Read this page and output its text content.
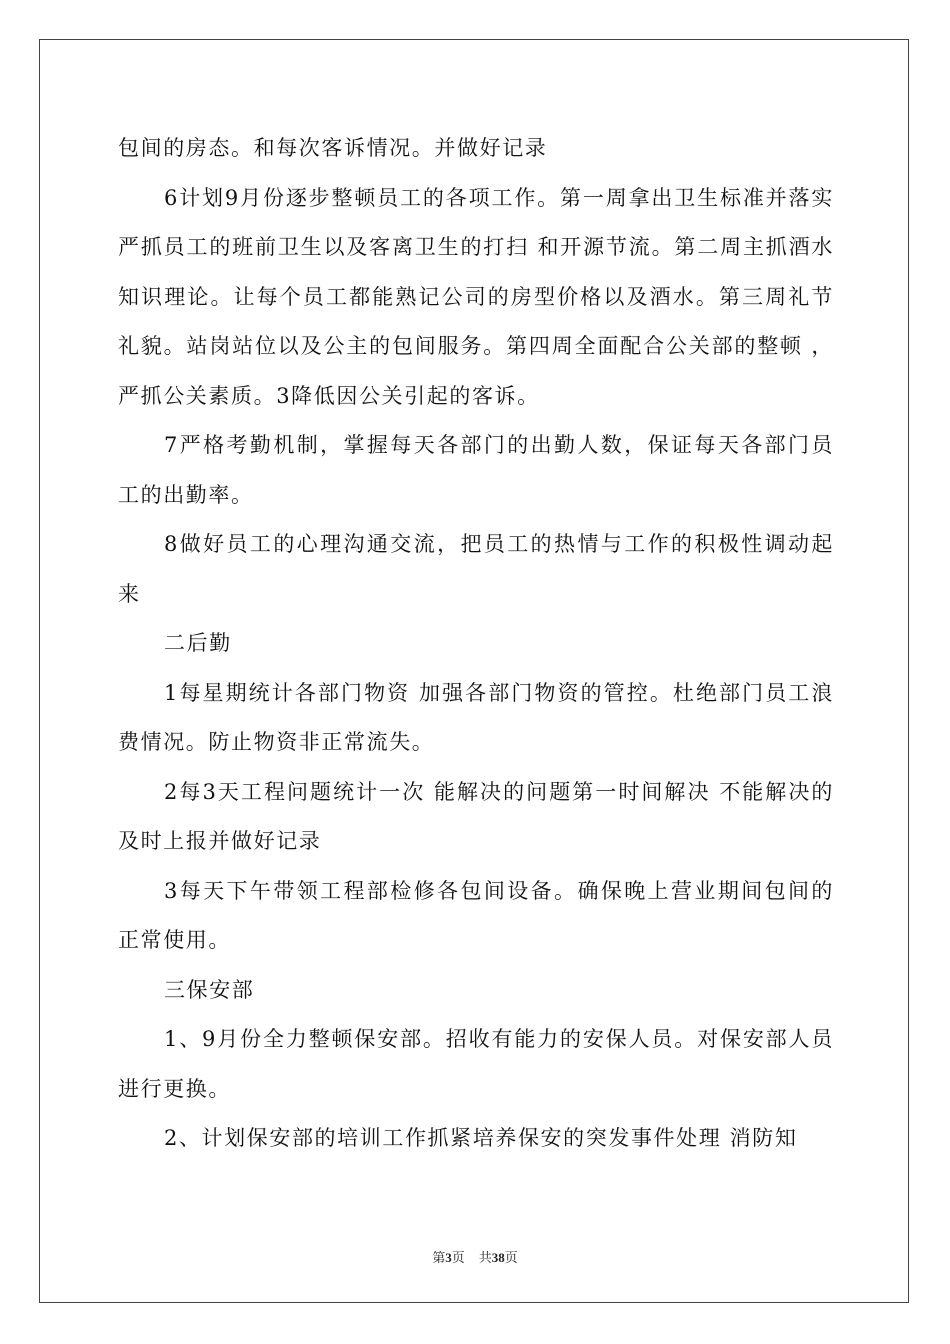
包间的房态。和每次客诉情况。并做好记录

6计划9月份逐步整顿员工的各项工作。第一周拿出卫生标准并落实严抓员工的班前卫生以及客离卫生的打扫 和开源节流。第二周主抓酒水知识理论。让每个员工都能熟记公司的房型价格以及酒水。第三周礼节礼貌。站岗站位以及公主的包间服务。第四周全面配合公关部的整顿 ，严抓公关素质。3降低因公关引起的客诉。

7严格考勤机制，掌握每天各部门的出勤人数，保证每天各部门员工的出勤率。

8做好员工的心理沟通交流，把员工的热情与工作的积极性调动起来

二后勤

1每星期统计各部门物资 加强各部门物资的管控。杜绝部门员工浪费情况。防止物资非正常流失。

2每3天工程问题统计一次 能解决的问题第一时间解决 不能解决的及时上报并做好记录

3每天下午带领工程部检修各包间设备。确保晚上营业期间包间的正常使用。

三保安部

1、9月份全力整顿保安部。招收有能力的安保人员。对保安部人员进行更换。

2、计划保安部的培训工作抓紧培养保安的突发事件处理 消防知

第3页 共38页
